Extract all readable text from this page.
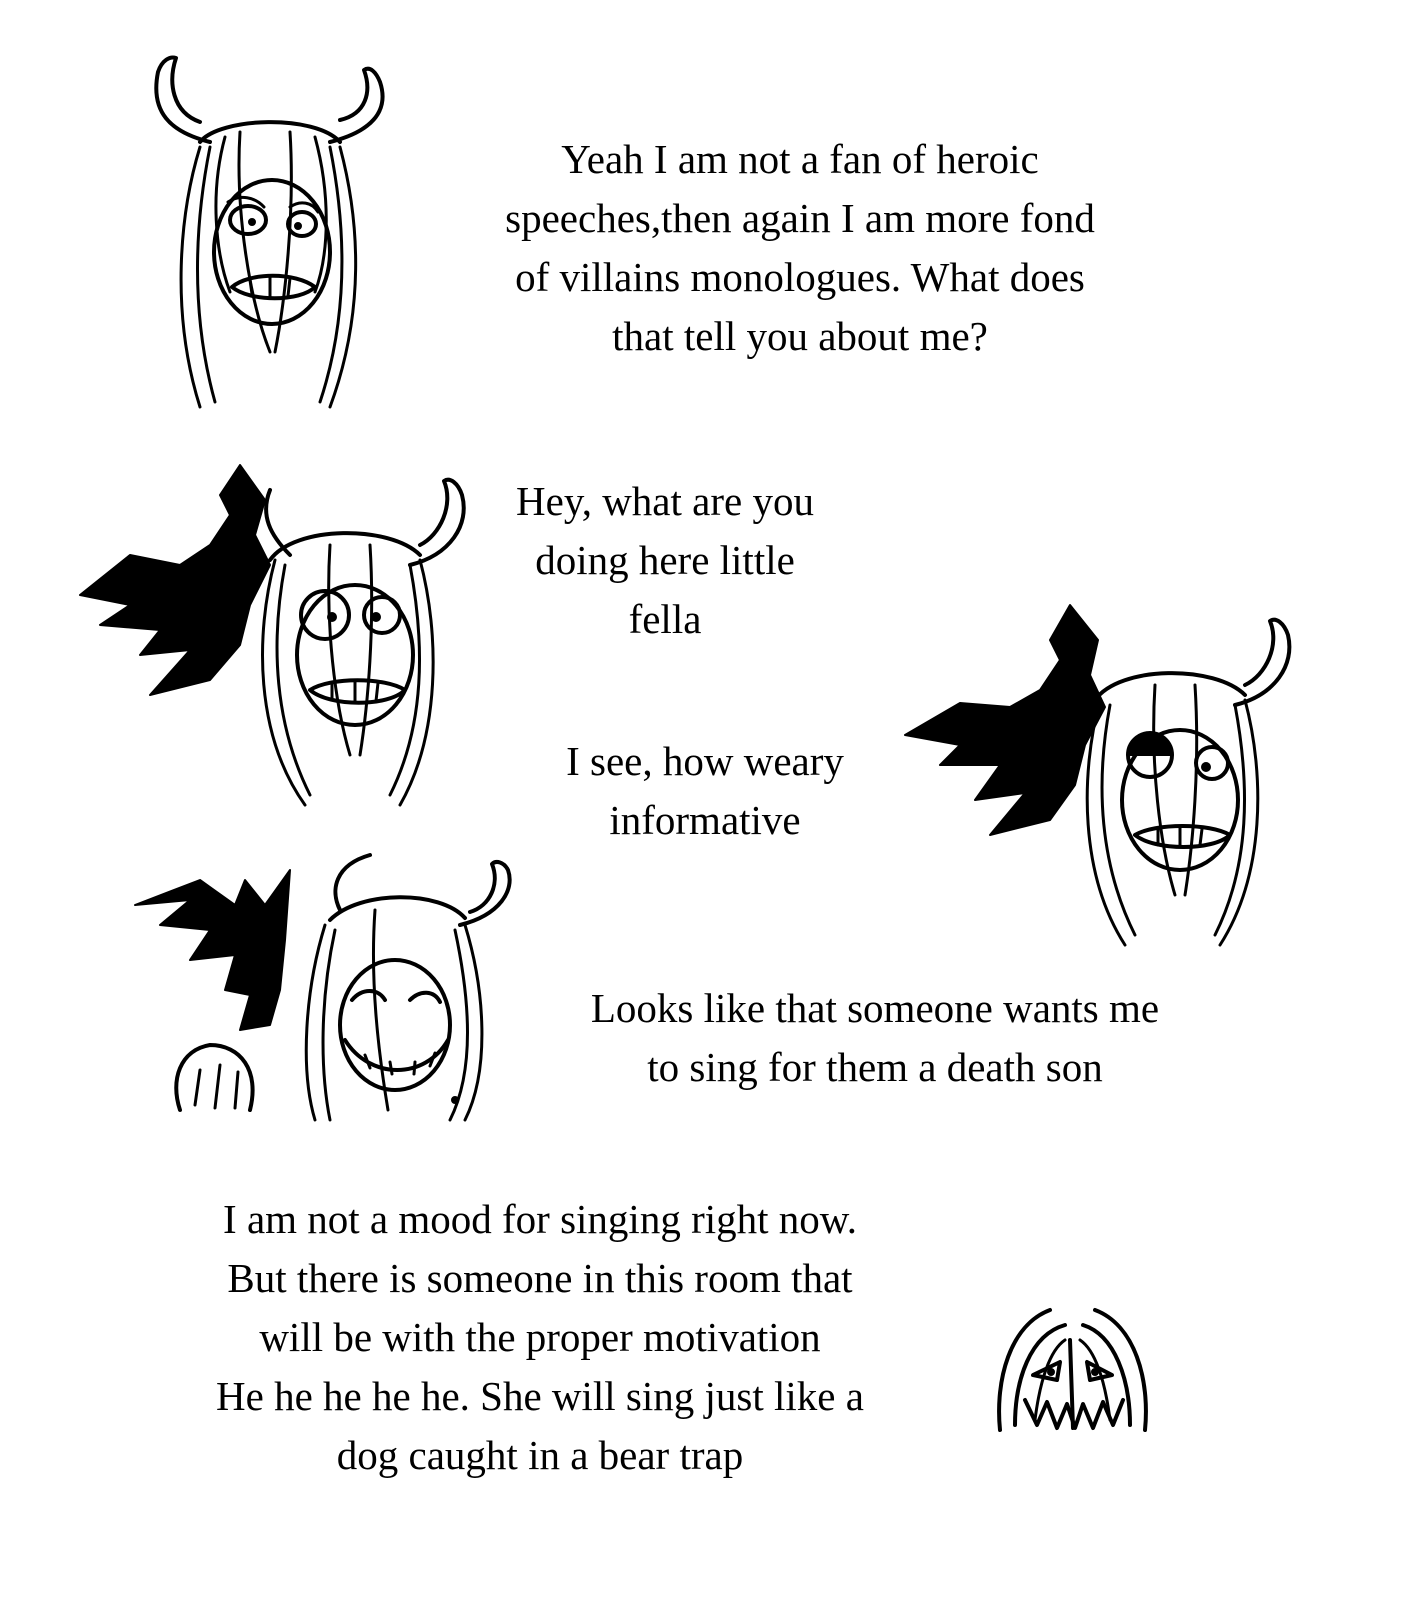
Yeah I am not a fan of heroic
speeches,then again I am more fond
of villains monologues. What does
that tell you about me?
Hey, what are you
doing here little
fella
I see, how weary
informative
Looks like that someone wants me
to sing for them a death son
I am not a mood for singing right now.
But there is someone in this room that
will be with the proper motivation
He he he he he. She will sing just like a
dog caught in a bear trap
